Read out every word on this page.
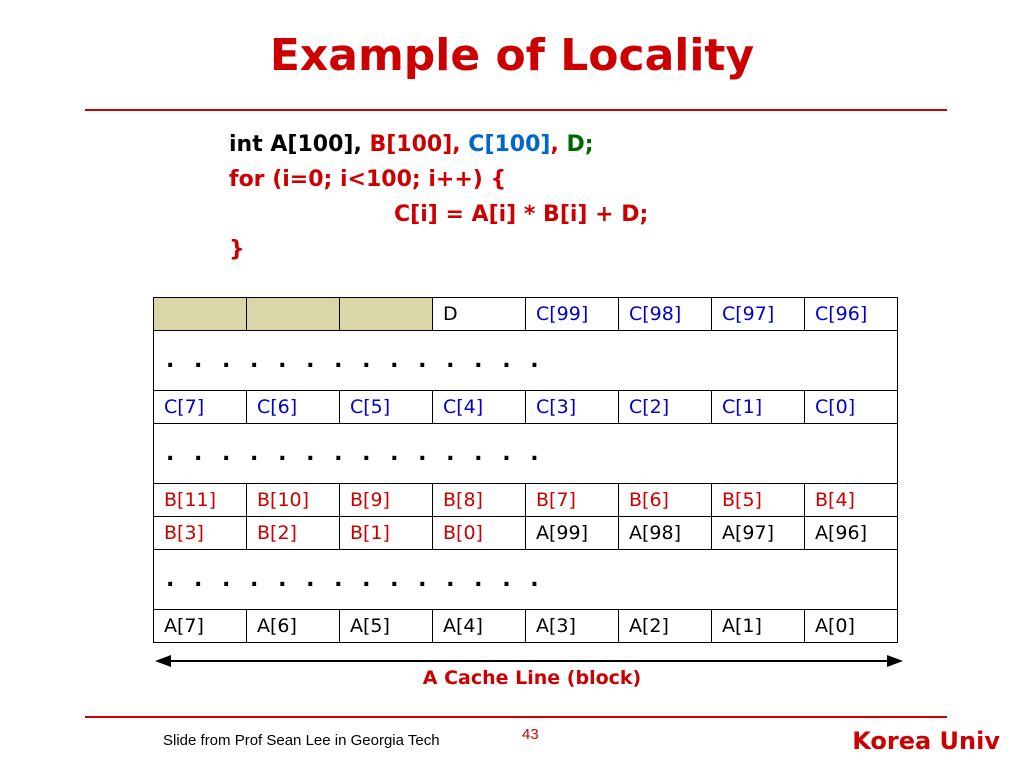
Example of Locality
int A[100], B[100], C[100], D;
for (i=0; i<100; i++) {
C[i] = A[i] * B[i] + D;
}
			D	C[99]	C[98]	C[97]	C[96]
. . . . . . . . . . . . . .							
C[7]	C[6]	C[5]	C[4]	C[3]	C[2]	C[1]	C[0]
. . . . . . . . . . . . . .							
B[11]	B[10]	B[9]	B[8]	B[7]	B[6]	B[5]	B[4]
B[3]	B[2]	B[1]	B[0]	A[99]	A[98]	A[97]	A[96]
. . . . . . . . . . . . . .							
A[7]	A[6]	A[5]	A[4]	A[3]	A[2]	A[1]	A[0]
A Cache Line (block)
Slide from Prof Sean Lee in Georgia Tech	43	Korea Univ
